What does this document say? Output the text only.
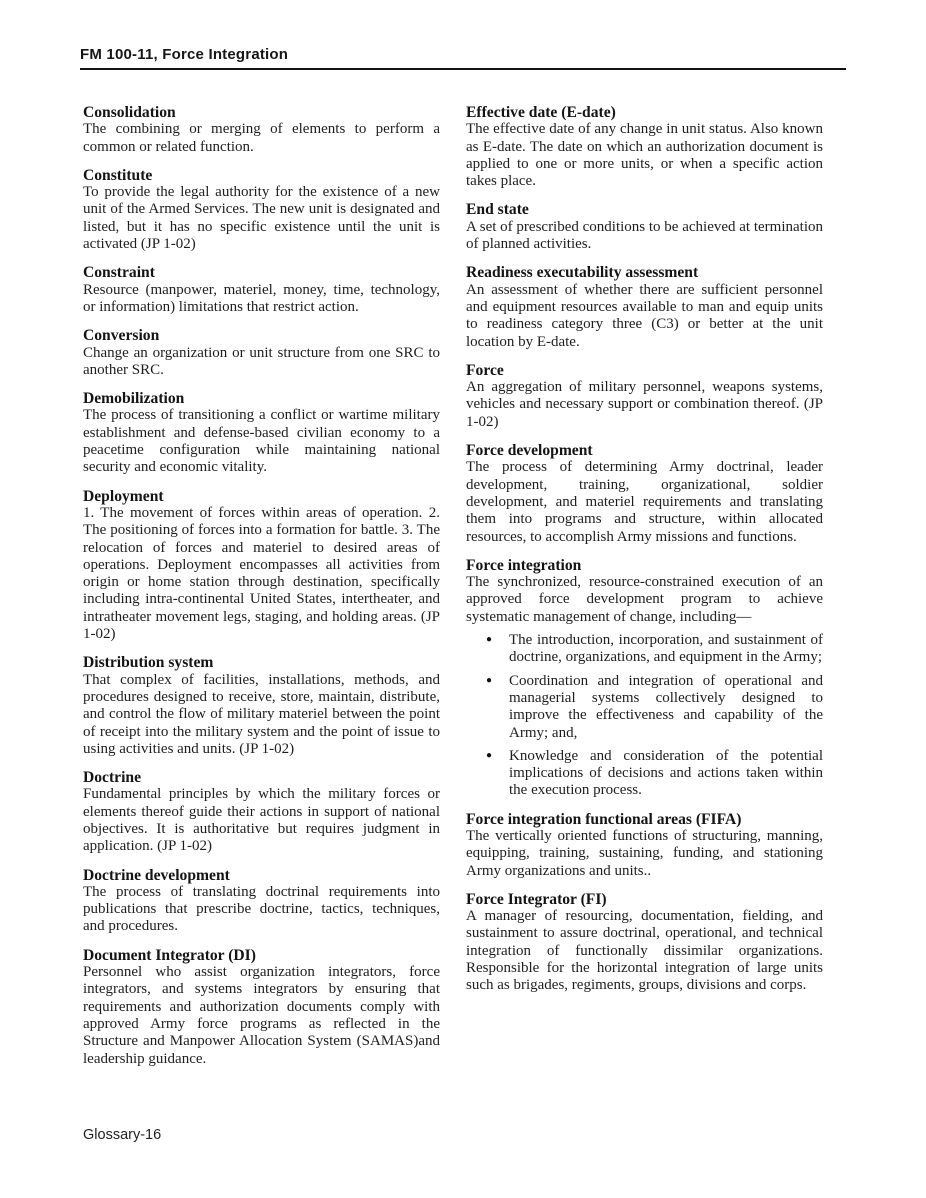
FM 100-11, Force Integration
Consolidation
The combining or merging of elements to perform a common or related function.
Constitute
To provide the legal authority for the existence of a new unit of the Armed Services. The new unit is designated and listed, but it has no specific existence until the unit is activated (JP 1-02)
Constraint
Resource (manpower, materiel, money, time, technology, or information) limitations that restrict action.
Conversion
Change an organization or unit structure from one SRC to another SRC.
Demobilization
The process of transitioning a conflict or wartime military establishment and defense-based civilian economy to a peacetime configuration while maintaining national security and economic vitality.
Deployment
1. The movement of forces within areas of operation. 2. The positioning of forces into a formation for battle. 3. The relocation of forces and materiel to desired areas of operations. Deployment encompasses all activities from origin or home station through destination, specifically including intra-continental United States, intertheater, and intratheater movement legs, staging, and holding areas. (JP 1-02)
Distribution system
That complex of facilities, installations, methods, and procedures designed to receive, store, maintain, distribute, and control the flow of military materiel between the point of receipt into the military system and the point of issue to using activities and units. (JP 1-02)
Doctrine
Fundamental principles by which the military forces or elements thereof guide their actions in support of national objectives. It is authoritative but requires judgment in application. (JP 1-02)
Doctrine development
The process of translating doctrinal requirements into publications that prescribe doctrine, tactics, techniques, and procedures.
Document Integrator (DI)
Personnel who assist organization integrators, force integrators, and systems integrators by ensuring that requirements and authorization documents comply with approved Army force programs as reflected in the Structure and Manpower Allocation System (SAMAS)and leadership guidance.
Effective date (E-date)
The effective date of any change in unit status. Also known as E-date. The date on which an authorization document is applied to one or more units, or when a specific action takes place.
End state
A set of prescribed conditions to be achieved at termination of planned activities.
Readiness executability assessment
An assessment of whether there are sufficient personnel and equipment resources available to man and equip units to readiness category three (C3) or better at the unit location by E-date.
Force
An aggregation of military personnel, weapons systems, vehicles and necessary support or combination thereof. (JP 1-02)
Force development
The process of determining Army doctrinal, leader development, training, organizational, soldier development, and materiel requirements and translating them into programs and structure, within allocated resources, to accomplish Army missions and functions.
Force integration
The synchronized, resource-constrained execution of an approved force development program to achieve systematic management of change, including—
● The introduction, incorporation, and sustainment of doctrine, organizations, and equipment in the Army;
● Coordination and integration of operational and managerial systems collectively designed to improve the effectiveness and capability of the Army; and,
● Knowledge and consideration of the potential implications of decisions and actions taken within the execution process.
Force integration functional areas (FIFA)
The vertically oriented functions of structuring, manning, equipping, training, sustaining, funding, and stationing Army organizations and units..
Force Integrator (FI)
A manager of resourcing, documentation, fielding, and sustainment to assure doctrinal, operational, and technical integration of functionally dissimilar organizations. Responsible for the horizontal integration of large units such as brigades, regiments, groups, divisions and corps.
Glossary-16
